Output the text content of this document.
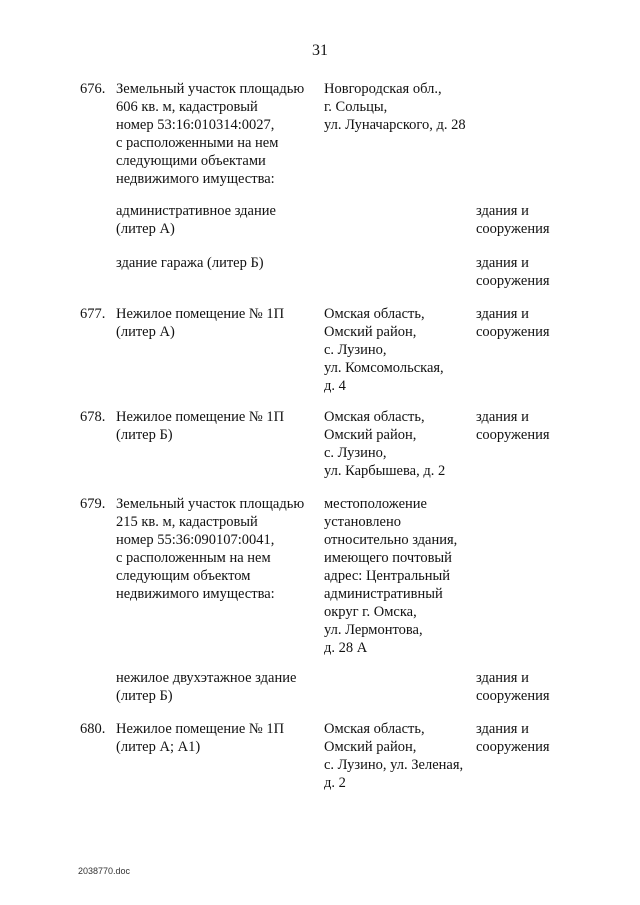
31
676. Земельный участок площадью
606 кв. м, кадастровый
номер 53:16:010314:0027,
с расположенными на нем
следующими объектами
недвижимого имущества:
Новгородская обл.,
г. Сольцы,
ул. Луначарского, д. 28
административное здание
(литер А)
здания и
сооружения
здание гаража (литер Б)	здания и
сооружения
677. Нежилое помещение № 1П
(литер А)
Омская область,
Омский район,
с. Лузино,
ул. Комсомольская,
д. 4
здания и
сооружения
678. Нежилое помещение № 1П
(литер Б)
Омская область,
Омский район,
с. Лузино,
ул. Карбышева, д. 2
здания и
сооружения
679. Земельный участок площадью
215 кв. м, кадастровый
номер 55:36:090107:0041,
с расположенным на нем
следующим объектом
недвижимого имущества:
местоположение
установлено
относительно здания,
имеющего почтовый
адрес: Центральный
административный
округ г. Омска,
ул. Лермонтова,
д. 28 А
нежилое двухэтажное здание
(литер Б)
здания и
сооружения
680. Нежилое помещение № 1П
(литер А; А1)
Омская область,
Омский район,
с. Лузино, ул. Зеленая,
д. 2
здания и
сооружения
2038770.doc
